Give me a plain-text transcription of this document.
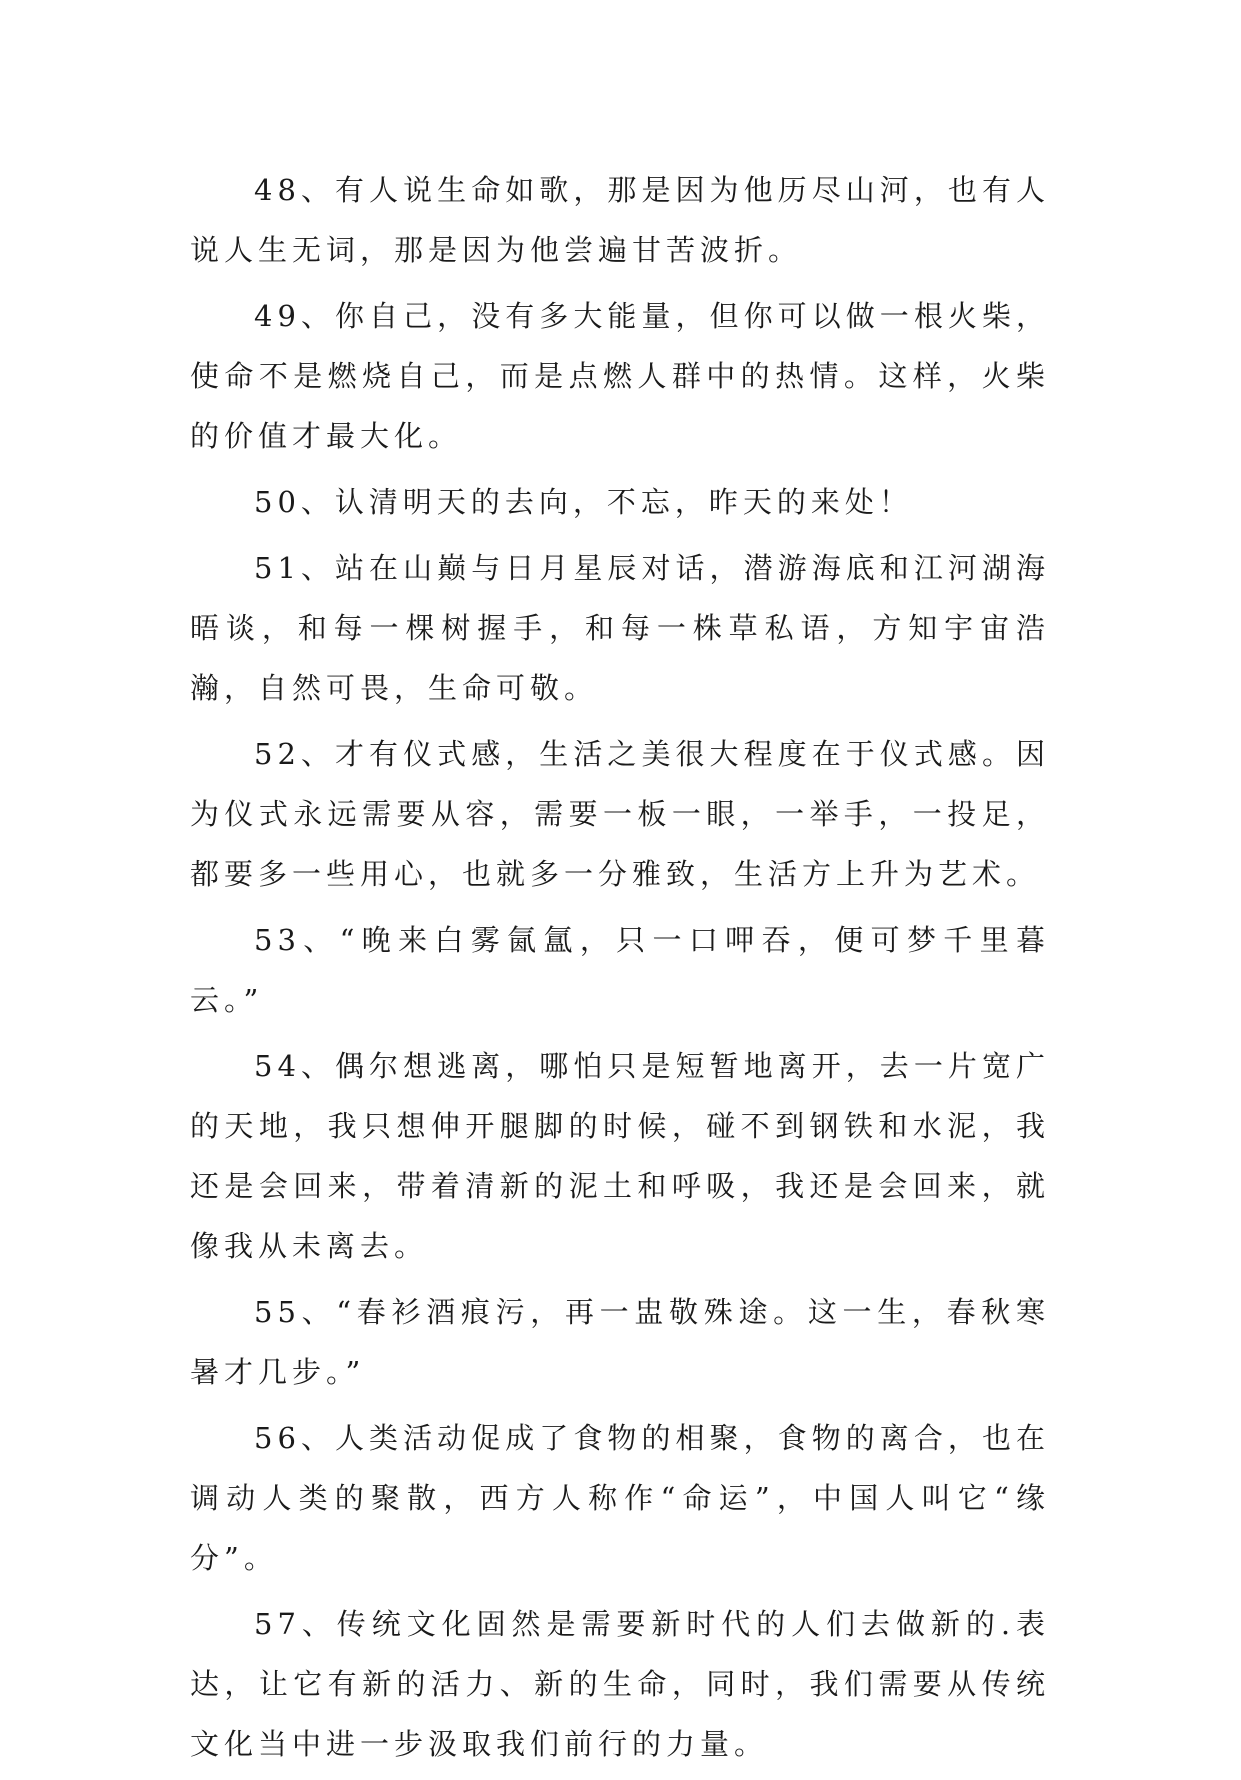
48、有人说生命如歌，那是因为他历尽山河，也有人说人生无词，那是因为他尝遍甘苦波折。

49、你自己，没有多大能量，但你可以做一根火柴，使命不是燃烧自己，而是点燃人群中的热情。这样，火柴的价值才最大化。

50、认清明天的去向，不忘，昨天的来处！

51、站在山巅与日月星辰对话，潜游海底和江河湖海晤谈，和每一棵树握手，和每一株草私语，方知宇宙浩瀚，自然可畏，生命可敬。

52、才有仪式感，生活之美很大程度在于仪式感。因为仪式永远需要从容，需要一板一眼，一举手，一投足，都要多一些用心，也就多一分雅致，生活方上升为艺术。

53、“晚来白雾氤氲，只一口呷吞，便可梦千里暮云。”

54、偶尔想逃离，哪怕只是短暂地离开，去一片宽广的天地，我只想伸开腿脚的时候，碰不到钢铁和水泥，我还是会回来，带着清新的泥土和呼吸，我还是会回来，就像我从未离去。

55、“春衫酒痕污，再一盅敬殊途。这一生，春秋寒暑才几步。”

56、人类活动促成了食物的相聚，食物的离合，也在调动人类的聚散，西方人称作“命运”，中国人叫它“缘分”。

57、传统文化固然是需要新时代的人们去做新的.表达，让它有新的活力、新的生命，同时，我们需要从传统文化当中进一步汲取我们前行的力量。
